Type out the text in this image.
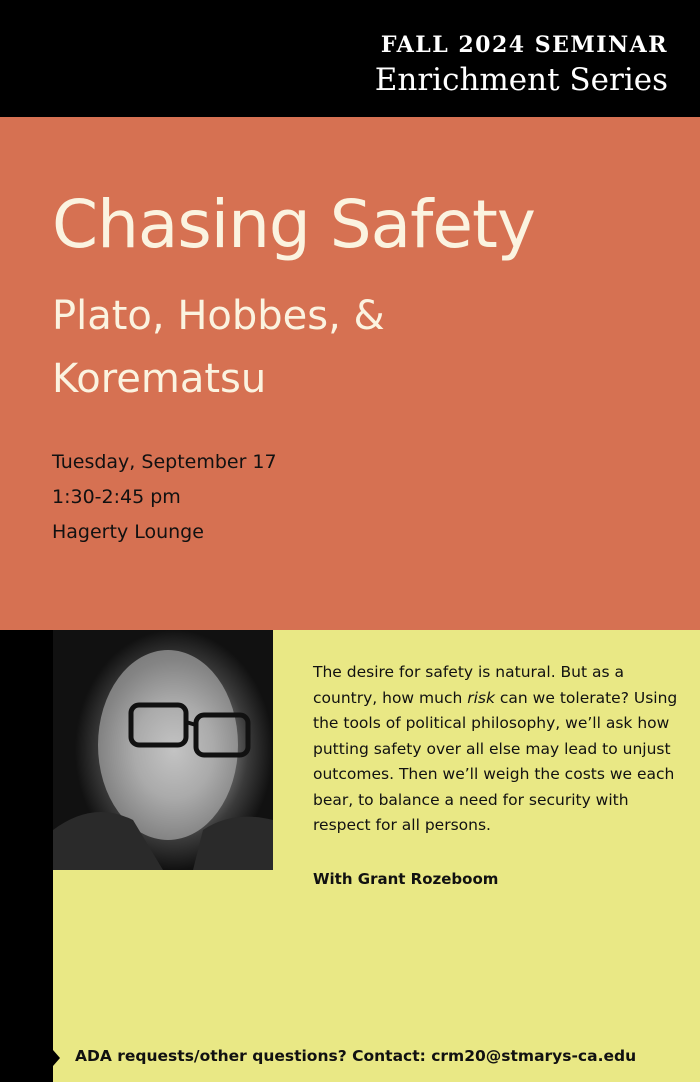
FALL 2024 SEMINAR
Enrichment Series
Chasing Safety
Plato, Hobbes, & Korematsu
Tuesday, September 17
1:30-2:45 pm
Hagerty Lounge
The desire for safety is natural. But as a country, how much risk can we tolerate? Using the tools of political philosophy, we’ll ask how putting safety over all else may lead to unjust outcomes. Then we’ll weigh the costs we each bear, to balance a need for security with respect for all persons.
With Grant Rozeboom
ADA requests/other questions? Contact: crm20@stmarys-ca.edu
